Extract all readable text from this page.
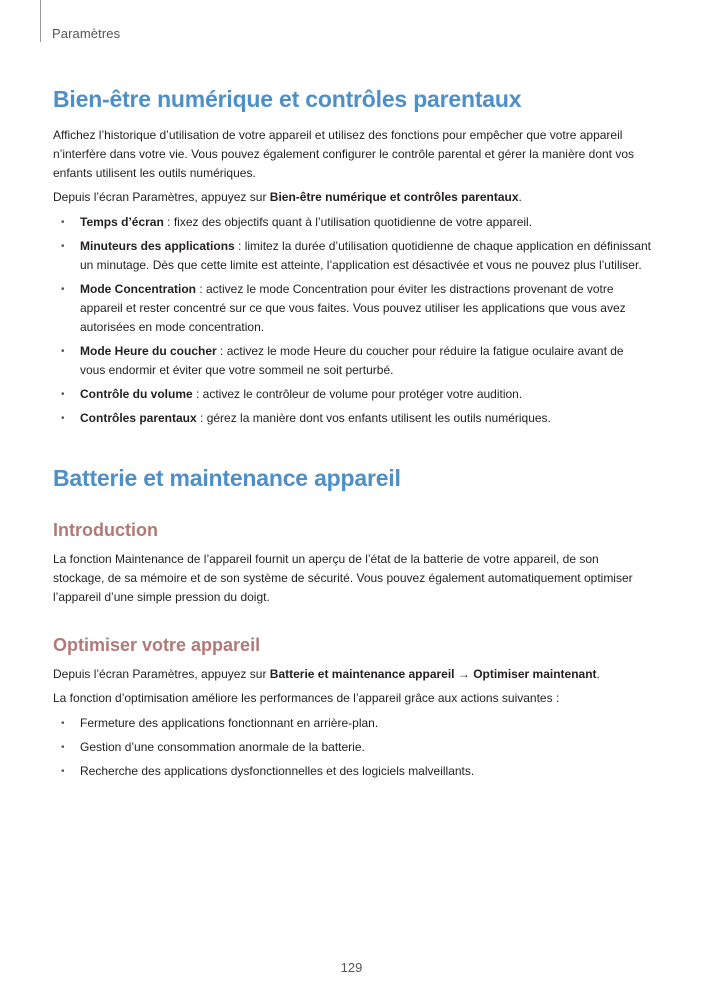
Paramètres
Bien-être numérique et contrôles parentaux

Affichez l’historique d’utilisation de votre appareil et utilisez des fonctions pour empêcher que votre appareil n’interfère dans votre vie. Vous pouvez également configurer le contrôle parental et gérer la manière dont vos enfants utilisent les outils numériques.

Depuis l’écran Paramètres, appuyez sur Bien-être numérique et contrôles parentaux.

• Temps d’écran : fixez des objectifs quant à l’utilisation quotidienne de votre appareil.
• Minuteurs des applications : limitez la durée d’utilisation quotidienne de chaque application en définissant un minutage. Dès que cette limite est atteinte, l’application est désactivée et vous ne pouvez plus l’utiliser.
• Mode Concentration : activez le mode Concentration pour éviter les distractions provenant de votre appareil et rester concentré sur ce que vous faites. Vous pouvez utiliser les applications que vous avez autorisées en mode concentration.
• Mode Heure du coucher : activez le mode Heure du coucher pour réduire la fatigue oculaire avant de vous endormir et éviter que votre sommeil ne soit perturbé.
• Contrôle du volume : activez le contrôleur de volume pour protéger votre audition.
• Contrôles parentaux : gérez la manière dont vos enfants utilisent les outils numériques.
Batterie et maintenance appareil
Introduction

La fonction Maintenance de l’appareil fournit un aperçu de l’état de la batterie de votre appareil, de son stockage, de sa mémoire et de son système de sécurité. Vous pouvez également automatiquement optimiser l’appareil d’une simple pression du doigt.

Optimiser votre appareil

Depuis l’écran Paramètres, appuyez sur Batterie et maintenance appareil → Optimiser maintenant.

La fonction d’optimisation améliore les performances de l’appareil grâce aux actions suivantes :

• Fermeture des applications fonctionnant en arrière-plan.
• Gestion d’une consommation anormale de la batterie.
• Recherche des applications dysfonctionnelles et des logiciels malveillants.
129
